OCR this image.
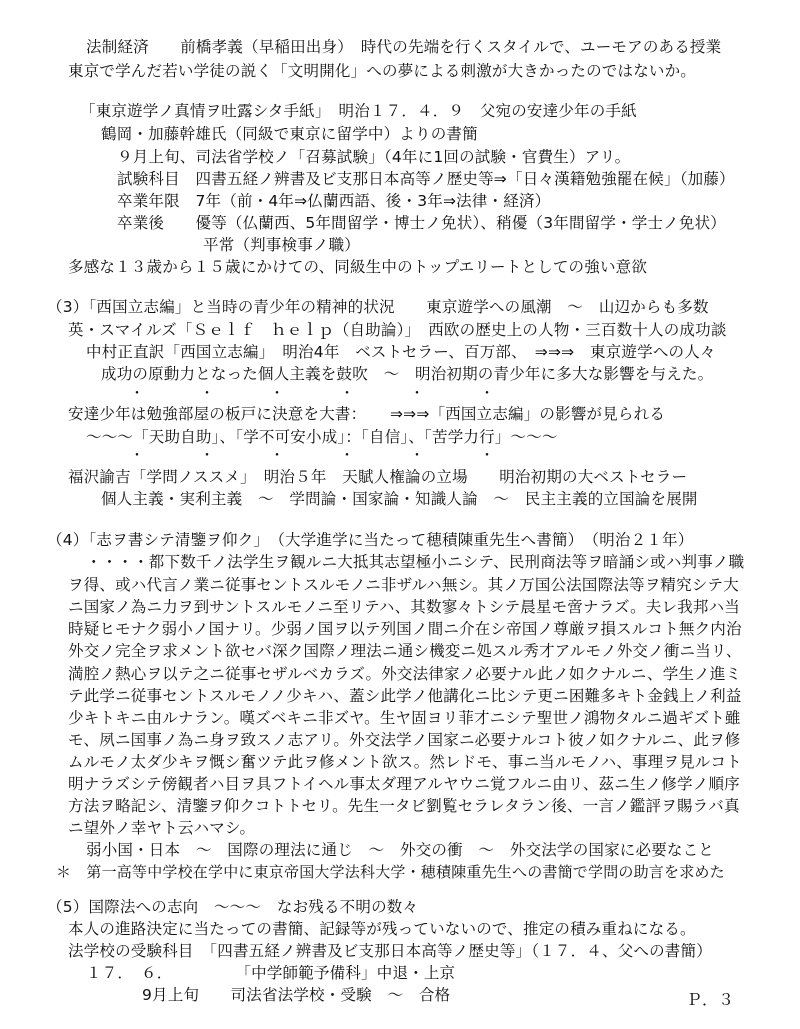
法制経済　　前橋孝義（早稲田出身）　時代の先端を行くスタイルで、ユーモアのある授業
東京で学んだ若い学徒の説く「文明開化」への夢による刺激が大きかったのではないか。
「東京遊学ノ真情ヲ吐露シタ手紙」　明治１７．４．９　父宛の安達少年の手紙
鶴岡・加藤幹雄氏（同級で東京に留学中）よりの書簡
９月上旬、司法省学校ノ「召募試験」（4年に1回の試験・官費生）アリ。
試験科目　四書五経ノ辨書及ビ支那日本高等ノ歴史等⇒「日々漢籍勉強罷在候」（加藤）
卒業年限　7年（前・4年⇒仏蘭西語、後・3年⇒法律・経済）
卒業後　　優等（仏蘭西、5年間留学・博士ノ免状）、稍優（3年間留学・学士ノ免状）
平常（判事検事ノ職）
多感な１３歳から１５歳にかけての、同級生中のトップエリートとしての強い意欲
（3）「西国立志編」と当時の青少年の精神的状況　　東京遊学への風潮　～　山辺からも多数
英・スマイルズ「Ｓｅｌｆ　ｈｅｌｐ（自助論）」　西欧の歴史上の人物・三百数十人の成功談
中村正直訳「西国立志編」　明治4年　ベストセラー、百万部、　⇒⇒⇒　東京遊学への人々
成功の原動力となった個人主義を鼓吹　～　明治初期の青少年に多大な影響を与えた。
・　　　　・　　　　・　　　　・　　　　・　　　　・
安達少年は勉強部屋の板戸に決意を大書：　　⇒⇒⇒「西国立志編」の影響が見られる
～～～「天助自助」、「学不可安小成」：「自信」、「苦学力行」～～～
・　　　　・　　　　・　　　　・　　　　・　　　　・
福沢諭吉「学問ノススメ」　明治５年　天賦人権論の立場　　明治初期の大ベストセラー
個人主義・実利主義　～　学問論・国家論・知識人論　～　民主主義的立国論を展開
（4）「志ヲ書シテ清鑒ヲ仰ク」　（大学進学に当たって穂積陳重先生へ書簡）　（明治２１年）
・・・・都下数千ノ法学生ヲ観ルニ大抵其志望極小ニシテ、民刑商法等ヲ暗誦シ或ハ判事ノ職
ヲ得、或ハ代言ノ業ニ従事セントスルモノニ非ザルハ無シ。其ノ万国公法国際法等ヲ精究シテ大
ニ国家ノ為ニ力ヲ到サントスルモノニ至リテハ、其数寥々トシテ晨星モ啻ナラズ。夫レ我邦ハ当
時疑ヒモナク弱小ノ国ナリ。少弱ノ国ヲ以テ列国ノ間ニ介在シ帝国ノ尊厳ヲ損スルコト無ク内治
外交ノ完全ヲ求メント欲セバ深ク国際ノ理法ニ通シ機変ニ処スル秀才アルモノ外交ノ衝ニ当リ、
満腔ノ熱心ヲ以テ之ニ従事セザルベカラズ。外交法律家ノ必要ナル此ノ如クナルニ、学生ノ進ミ
テ此学ニ従事セントスルモノノ少キハ、蓋シ此学ノ他講化ニ比シテ更ニ困難多キト金銭上ノ利益
少キトキニ由ルナラン。嘆ズベキニ非ズヤ。生ヤ固ヨリ菲才ニシテ聖世ノ鴻物タルニ過ギズト雖
モ、夙ニ国事ノ為ニ身ヲ致スノ志アリ。外交法学ノ国家ニ必要ナルコト彼ノ如クナルニ、此ヲ修
ムルモノ太ダ少キヲ慨シ奮ツテ此ヲ修メント欲ス。然レドモ、事ニ当ルモノハ、事理ヲ見ルコト
明ナラズシテ傍観者ハ目ヲ具フトイヘル事太ダ理アルヤウニ覚フルニ由リ、茲ニ生ノ修学ノ順序
方法ヲ略記シ、清鑒ヲ仰クコトトセリ。先生一タビ劉覧セラレタラン後、一言ノ鑑評ヲ賜ラバ真
ニ望外ノ幸ヤト云ハマシ。
弱小国・日本　～　国際の理法に通じ　～　外交の衝　～　外交法学の国家に必要なこと
＊　第一高等中学校在学中に東京帝国大学法科大学・穂積陳重先生への書簡で学問の助言を求めた
（5）国際法への志向　～～～　なお残る不明の数々
本人の進路決定に当たっての書簡、記録等が残っていないので、推定の積み重ねになる。
法学校の受験科目　「四書五経ノ辨書及ビ支那日本高等ノ歴史等」（１７．４、父への書簡）
１７．　６．　　　　　「中学師範予備科」中退・上京
9月上旬　　司法省法学校・受験　～　合格	Ｐ．３
